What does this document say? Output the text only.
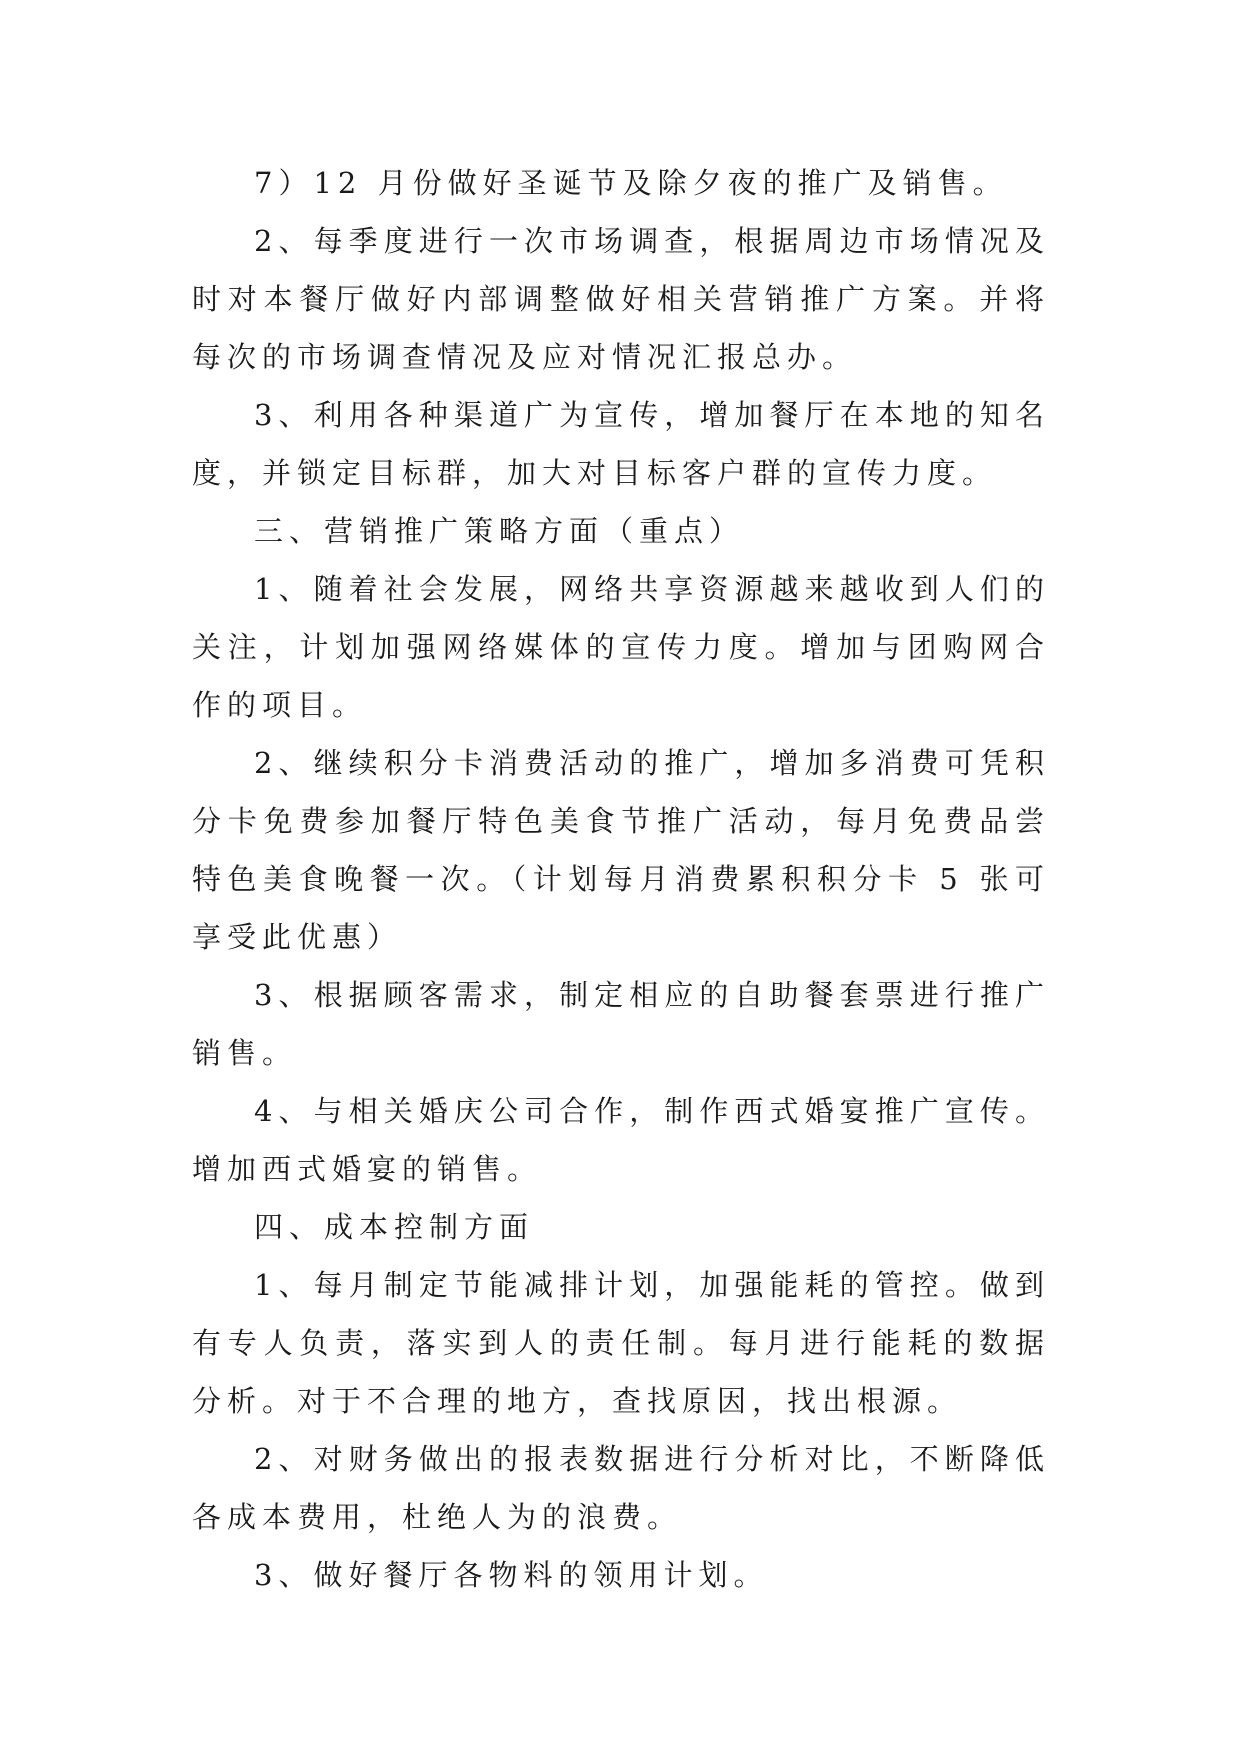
7）12 月份做好圣诞节及除夕夜的推广及销售。

2、每季度进行一次市场调查，根据周边市场情况及时对本餐厅做好内部调整做好相关营销推广方案。并将每次的市场调查情况及应对情况汇报总办。

3、利用各种渠道广为宣传，增加餐厅在本地的知名度，并锁定目标群，加大对目标客户群的宣传力度。

三、营销推广策略方面（重点）

1、随着社会发展，网络共享资源越来越收到人们的关注，计划加强网络媒体的宣传力度。增加与团购网合作的项目。

2、继续积分卡消费活动的推广，增加多消费可凭积分卡免费参加餐厅特色美食节推广活动，每月免费品尝特色美食晚餐一次。（计划每月消费累积积分卡 5 张可享受此优惠）

3、根据顾客需求，制定相应的自助餐套票进行推广销售。

4、与相关婚庆公司合作，制作西式婚宴推广宣传。增加西式婚宴的销售。

四、成本控制方面

1、每月制定节能减排计划，加强能耗的管控。做到有专人负责，落实到人的责任制。每月进行能耗的数据分析。对于不合理的地方，查找原因，找出根源。

2、对财务做出的报表数据进行分析对比，不断降低各成本费用，杜绝人为的浪费。

3、做好餐厅各物料的领用计划。
